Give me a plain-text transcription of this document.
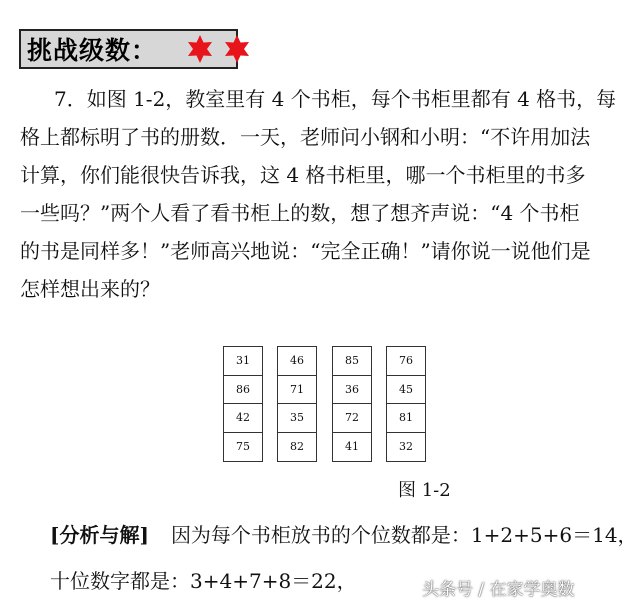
挑战级数：
7．如图 1-2，教室里有 4 个书柜，每个书柜里都有 4 格书，每
格上都标明了书的册数．一天，老师问小钢和小明：“不许用加法
计算，你们能很快告诉我，这 4 格书柜里，哪一个书柜里的书多
一些吗？”两个人看了看书柜上的数，想了想齐声说：“4 个书柜
的书是同样多！”老师高兴地说：“完全正确！”请你说一说他们是
怎样想出来的？
31
86
42
75
46
71
35
82
85
36
72
41
76
45
81
32
图 1-2
[分析与解] 因为每个书柜放书的个位数都是：1+2+5+6＝14，
十位数字都是：3+4+7+8＝22，	头条号 / 在家学奥数
